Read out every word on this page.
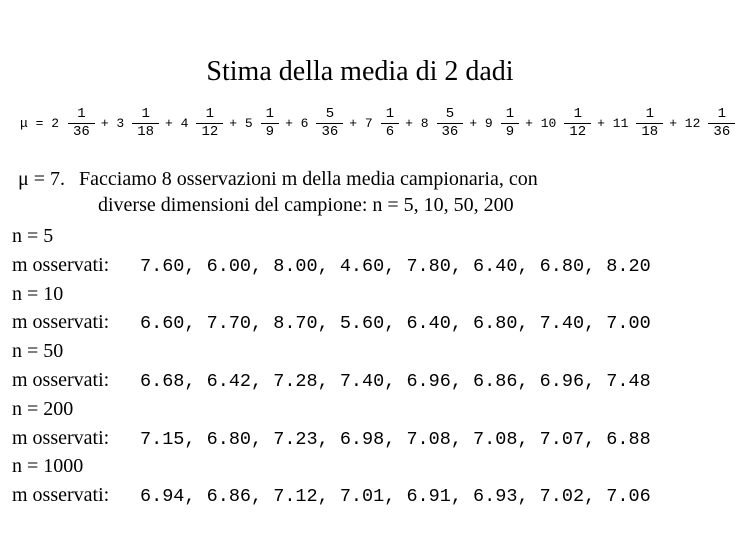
Stima della media di 2 dadi
$\mu = 2 \frac{1}{36} + 3 \frac{1}{18} + 4 \frac{1}{12} + 5 \frac{1}{9} + 6 \frac{5}{36} + 7 \frac{1}{6} + 8 \frac{5}{36} + 9 \frac{1}{9} + 10 \frac{1}{12} + 11 \frac{1}{18} + 12 \frac{1}{36}$
μ = 7. Facciamo 8 osservazioni m della media campionaria, con
diverse dimensioni del campione: n = 5, 10, 50, 200
n = 5
m osservati: 7.60, 6.00, 8.00, 4.60, 7.80, 6.40, 6.80, 8.20
n = 10
m osservati: 6.60, 7.70, 8.70, 5.60, 6.40, 6.80, 7.40, 7.00
n = 50
m osservati: 6.68, 6.42, 7.28, 7.40, 6.96, 6.86, 6.96, 7.48
n = 200
m osservati: 7.15, 6.80, 7.23, 6.98, 7.08, 7.08, 7.07, 6.88
n = 1000
m osservati: 6.94, 6.86, 7.12, 7.01, 6.91, 6.93, 7.02, 7.06
